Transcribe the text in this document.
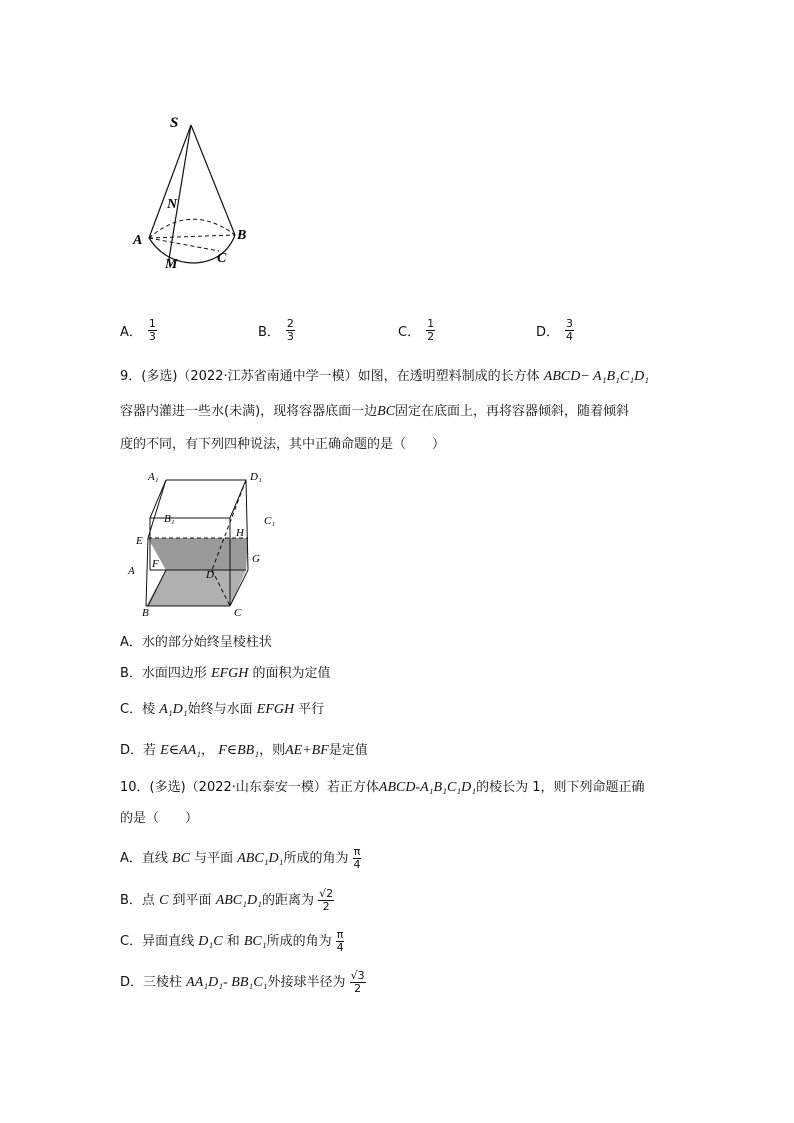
S
N
A	B
M	C
A． $\frac{1}{3}$	B． $\frac{2}{3}$	C． $\frac{1}{2}$	D． $\frac{3}{4}$
9．(多选)（2022·江苏省南通中学一模）如图，在透明塑料制成的长方体 ABCD− A₁B₁C₁D₁
容器内灌进一些水(未满)，现将容器底面一边BC固定在底面上，再将容器倾斜，随着倾斜
度的不同，有下列四种说法，其中正确命题的是（　　）
A₁	D₁
B₁	C₁
E
H
A
F
D
G
B	C
A．水的部分始终呈棱柱状
B．水面四边形 EFGH 的面积为定值
C．棱 A₁D₁始终与水面 EFGH 平行
D．若 E∈AA₁， F∈BB₁，则AE+BF是定值
10．(多选)（2022·山东泰安一模）若正方体ABCD-A₁B₁C₁D₁的棱长为 1，则下列命题正确
的是（　　）
A．直线 BC 与平面 ABC₁D₁所成的角为 $\frac{\pi}{4}$
B．点 C 到平面 ABC₁D₁的距离为 $\frac{√2}{2}$
C．异面直线 D₁C 和 BC₁所成的角为 $\frac{\pi}{4}$
D．三棱柱 AA₁D₁- BB₁C₁外接球半径为 $\frac{√3}{2}$
